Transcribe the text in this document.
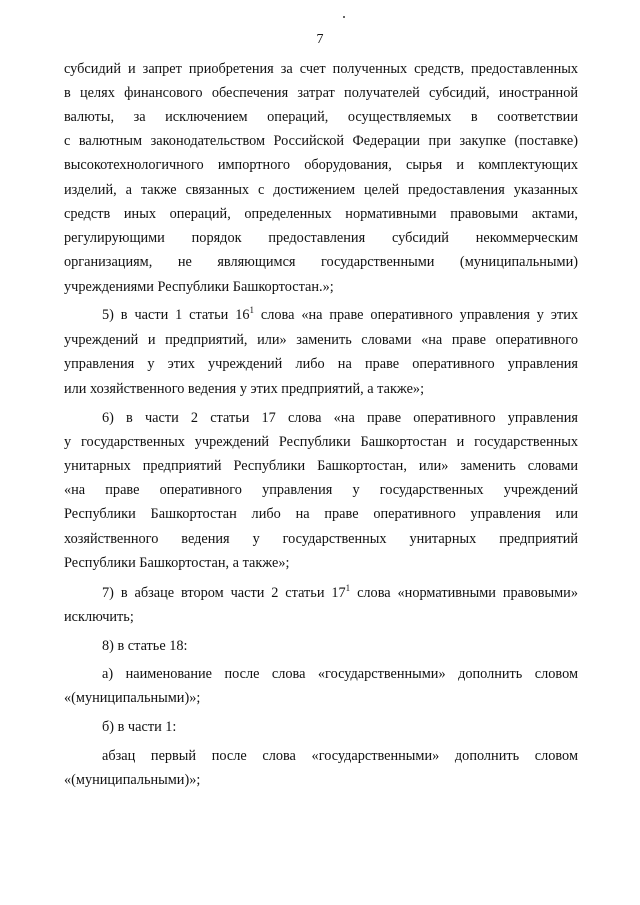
7
субсидий и запрет приобретения за счет полученных средств, предоставленных
в целях финансового обеспечения затрат получателей субсидий, иностранной
валюты, за исключением операций, осуществляемых в соответствии
с валютным законодательством Российской Федерации при закупке (поставке)
высокотехнологичного импортного оборудования, сырья и комплектующих
изделий, а также связанных с достижением целей предоставления указанных
средств иных операций, определенных нормативными правовыми актами,
регулирующими порядок предоставления субсидий некоммерческим
организациям, не являющимся государственными (муниципальными)
учреждениями Республики Башкортостан.»;
5) в части 1 статьи $16^1$ слова «на праве оперативного управления у этих
учреждений и предприятий, или» заменить словами «на праве оперативного
управления у этих учреждений либо на праве оперативного управления
или хозяйственного ведения у этих предприятий, а также»;
6) в части 2 статьи 17 слова «на праве оперативного управления
у государственных учреждений Республики Башкортостан и государственных
унитарных предприятий Республики Башкортостан, или» заменить словами
«на праве оперативного управления у государственных учреждений
Республики Башкортостан либо на праве оперативного управления или
хозяйственного ведения у государственных унитарных предприятий
Республики Башкортостан, а также»;
7) в абзаце втором части 2 статьи $17^1$ слова «нормативными правовыми»
исключить;
8) в статье 18:
а) наименование после слова «государственными» дополнить словом
«(муниципальными)»;
б) в части 1:
абзац первый после слова «государственными» дополнить словом
«(муниципальными)»;
